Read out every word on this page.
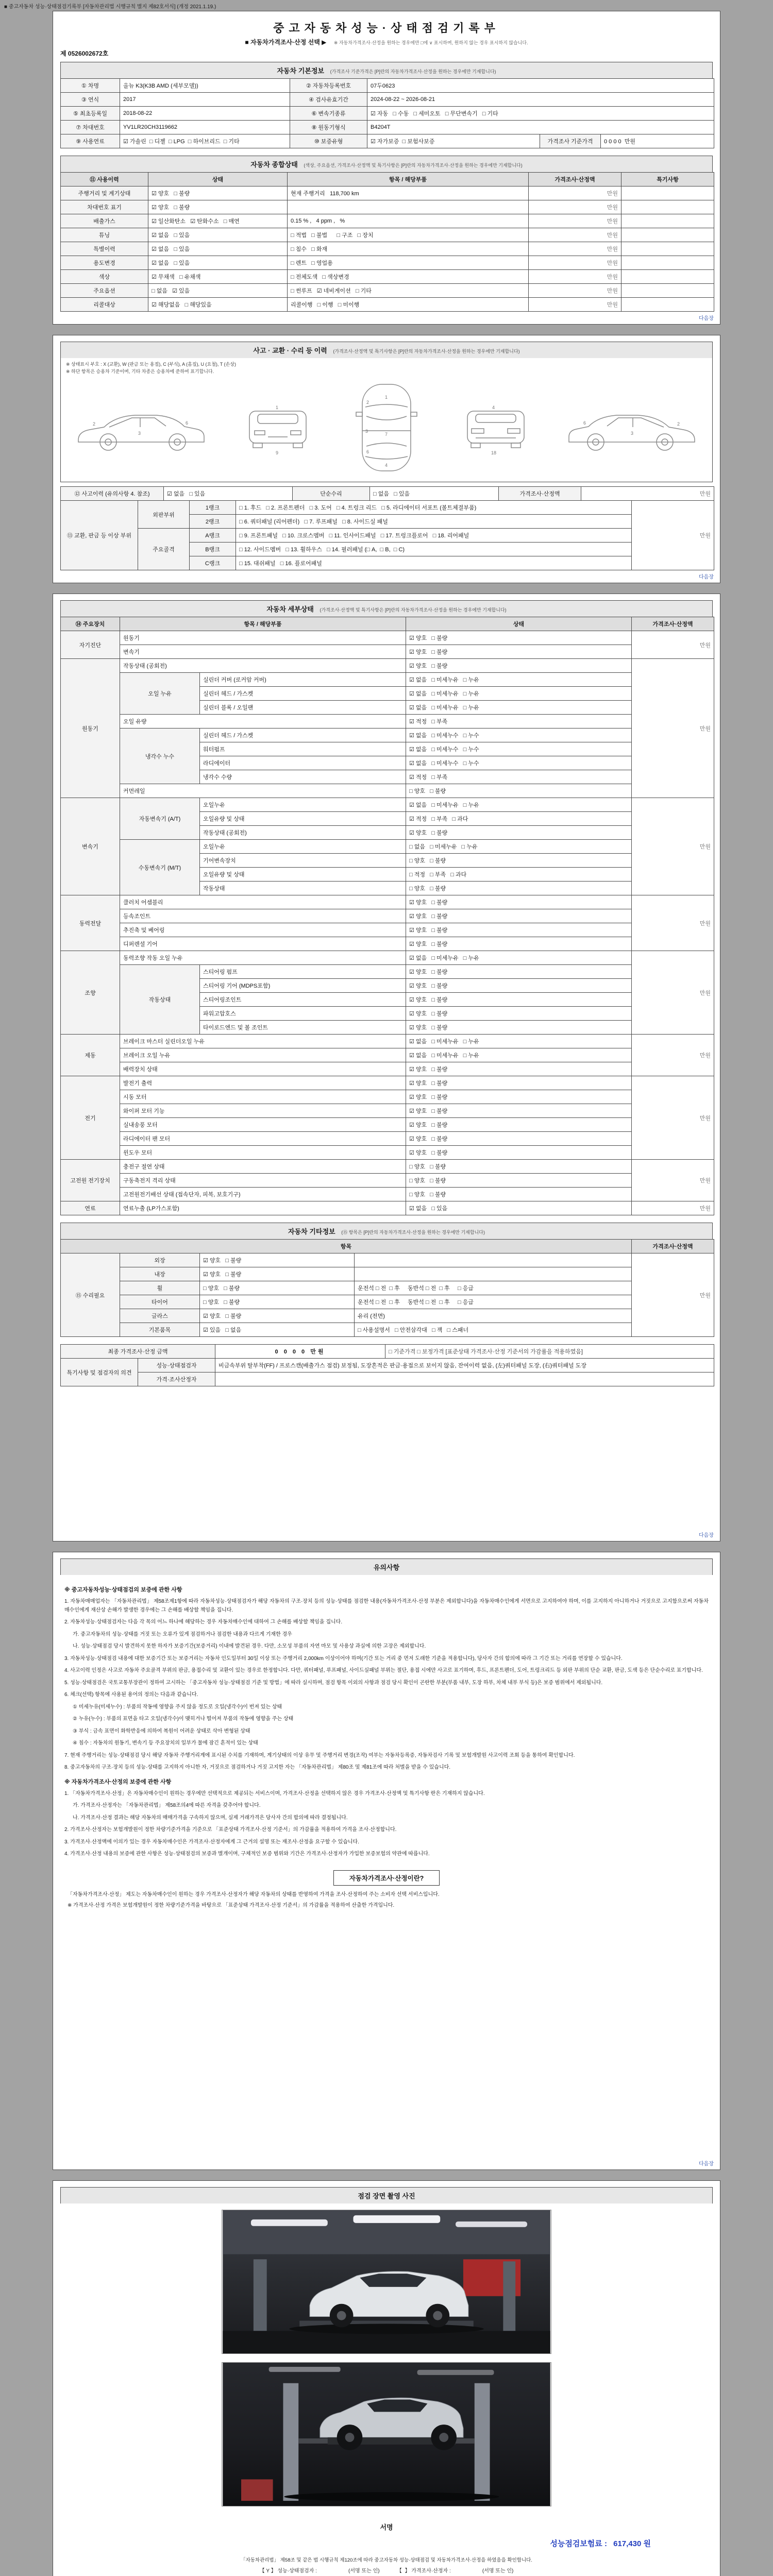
■ 중고자동차 성능·상태점검기록부 [자동차관리법 시행규칙 별지 제82호서식] (개정 2021.1.19.)
중고자동차성능·상태점검기록부
■ 자동차가격조사·산정 선택 ▶ ※ 자동차가격조사·산정을 원하는 경우에만 □에 ∨ 표시하며, 원하지 않는 경우 표시하지 않습니다.
제 0526002672호
자동차 기본정보 (가격조사 기준가격은 [P]란의 자동차가격조사·산정을 원하는 경우에만 기재합니다)
① 차명	올뉴 K3(K3B AMD (세부모델))	② 자동차등록번호	07두0623		
③ 연식	2017	④ 검사유효기간	2024-08-22 ~ 2026-08-21		
⑤ 최초등록일	2018-08-22	⑥ 변속기종류	☑ 자동   □ 수동   □ 세미오토   □ 무단변속기   □ 기타		
⑦ 차대번호	YV1LR20CH3119662	⑧ 원동기형식	B4204T		
⑨ 사용연료	☑ 가솔린  □ 디젤  □ LPG  □ 하이브리드  □ 기타	⑩ 보증유형	☑ 자가보증  □ 보험사보증	가격조사 기준가격	0 0 0 0  만원
자동차 종합상태 (색상, 주요옵션, 가격조사·산정액 및 특기사항은 [P]란의 자동차가격조사·산정을 원하는 경우에만 기재합니다)
⑪ 사용이력	상태	항목 / 해당부품	가격조사·산정액	특기사항
주행거리 및 계기상태	☑ 양호   □ 불량	현재 주행거리   118,700 km	만원	
차대번호 표기	☑ 양호   □ 불량		만원	
배출가스	☑ 일산화탄소   ☑ 탄화수소   □ 매연	0.15 % ,   4 ppm ,   %	만원	
튜닝	☑ 없음   □ 있음	□ 적법   □ 불법      □ 구조   □ 장치	만원	
특별이력	☑ 없음   □ 있음	□ 침수   □ 화재	만원	
용도변경	☑ 없음   □ 있음	□ 렌트   □ 영업용	만원	
색상	☑ 무채색   □ 유채색	□ 전체도색   □ 색상변경	만원	
주요옵션	□ 없음   ☑ 있음	□ 썬루프   ☑ 네비게이션   □ 기타	만원	
리콜대상	☑ 해당없음   □ 해당있음	리콜이행   □ 이행   □ 미이행	만원	
다음장
사고 · 교환 · 수리 등 이력 (가격조사·산정액 및 특기사항은 [P]란의 자동차가격조사·산정을 원하는 경우에만 기재합니다)
※ 상태표시 부호 : X (교환), W (판금 또는 용접), C (부식), A (흠집), U (요철), T (손상)
※ 하단 항목은 승용차 기준이며, 기타 차종은 승용차에 준하여 표기합니다.
3
2	6
1
9
1
2
3
7
6
4
4
18
3
2
6
⑫ 사고이력 (유의사항 4. 참조)	☑ 없음   □ 있음	단순수리	□ 없음   □ 있음	가격조사·산정액	만원
⑬ 교환, 판금 등 이상 부위	외판부위	1랭크	□ 1. 후드   □ 2. 프론트펜더   □ 3. 도어   □ 4. 트렁크 리드   □ 5. 라디에이터 서포트 (볼트체결부품)	만원
		2랭크	□ 6. 쿼터패널 (리어펜더)   □ 7. 루프패널   □ 8. 사이드실 패널	
	주요골격	A랭크	□ 9. 프론트패널   □ 10. 크로스멤버   □ 11. 인사이드패널   □ 17. 트렁크플로어   □ 18. 리어패널	
		B랭크	□ 12. 사이드멤버   □ 13. 휠하우스   □ 14. 필러패널 (□ A,  □ B,  □ C)	
		C랭크	□ 15. 대쉬패널   □ 16. 플로어패널	
다음장
자동차 세부상태 (가격조사·산정액 및 특기사항은 [P]란의 자동차가격조사·산정을 원하는 경우에만 기재합니다)
⑭ 주요장치	항목 / 해당부품		상태	가격조사·산정액
자기진단	원동기		☑ 양호   □ 불량	만원
	변속기		☑ 양호   □ 불량	
원동기	작동상태 (공회전)		☑ 양호   □ 불량	만원
	오일 누유	실린더 커버 (로커암 커버)	☑ 없음   □ 미세누유   □ 누유	
		실린더 헤드 / 가스켓	☑ 없음   □ 미세누유   □ 누유	
		실린더 블록 / 오일팬	☑ 없음   □ 미세누유   □ 누유	
	오일 유량		☑ 적정   □ 부족	
	냉각수 누수	실린더 헤드 / 가스켓	☑ 없음   □ 미세누수   □ 누수	
		워터펌프	☑ 없음   □ 미세누수   □ 누수	
		라디에이터	☑ 없음   □ 미세누수   □ 누수	
		냉각수 수량	☑ 적정   □ 부족	
	커먼레일		□ 양호   □ 불량	
변속기	자동변속기 (A/T)	오일누유	☑ 없음   □ 미세누유   □ 누유	만원
		오일유량 및 상태	☑ 적정   □ 부족   □ 과다	
		작동상태 (공회전)	☑ 양호   □ 불량	
	수동변속기 (M/T)	오일누유	□ 없음   □ 미세누유   □ 누유	
		기어변속장치	□ 양호   □ 불량	
		오일유량 및 상태	□ 적정   □ 부족   □ 과다	
		작동상태	□ 양호   □ 불량	
동력전달	클러치 어셈블리		☑ 양호   □ 불량	만원
	등속조인트		☑ 양호   □ 불량	
	추진축 및 베어링		☑ 양호   □ 불량	
	디퍼렌셜 기어		☑ 양호   □ 불량	
조향	동력조향 작동 오일 누유		☑ 없음   □ 미세누유   □ 누유	만원
	작동상태	스티어링 펌프	☑ 양호   □ 불량	
		스티어링 기어 (MDPS포함)	☑ 양호   □ 불량	
		스티어링조인트	☑ 양호   □ 불량	
		파워고압호스	☑ 양호   □ 불량	
		타이로드엔드 및 볼 조인트	☑ 양호   □ 불량	
제동	브레이크 마스터 실린더오일 누유		☑ 없음   □ 미세누유   □ 누유	만원
	브레이크 오일 누유		☑ 없음   □ 미세누유   □ 누유	
	배력장치 상태		☑ 양호   □ 불량	
전기	발전기 출력		☑ 양호   □ 불량	만원
	시동 모터		☑ 양호   □ 불량	
	와이퍼 모터 기능		☑ 양호   □ 불량	
	실내송풍 모터		☑ 양호   □ 불량	
	라디에이터 팬 모터		☑ 양호   □ 불량	
	윈도우 모터		☑ 양호   □ 불량	
고전원 전기장치	충전구 절연 상태		□ 양호   □ 불량	만원
	구동축전지 격리 상태		□ 양호   □ 불량	
	고전원전기배선 상태 (접속단자, 피복, 보호기구)		□ 양호   □ 불량	
연료	연료누출 (LP가스포함)		☑ 없음   □ 있음	만원
자동차 기타정보 (⑮ 항목은 [P]란의 자동차가격조사·산정을 원하는 경우에만 기재합니다)
항목				가격조사·산정액
⑮ 수리필요	외장	☑ 양호   □ 불량		만원
	내장	☑ 양호   □ 불량		
	휠	□ 양호   □ 불량	운전석 □ 전  □ 후     동반석 □ 전  □ 후     □ 응급	
	타이어	□ 양호   □ 불량	운전석 □ 전  □ 후     동반석 □ 전  □ 후     □ 응급	
	글라스	☑ 양호   □ 불량	유리 (전면)	
	기본품목	☑ 있음   □ 없음	□ 사용설명서   □ 안전삼각대   □ 잭   □ 스패너	
최종 가격조사·산정 금액	0 0 0 0 만원	□ 기준가격 □ 보정가격 [표준상태 가격조사·산정 기준서의 가감률을 적용하였음]
특기사항 및 점검자의 의견	성능·상태점검자	비금속부위 탈부착(FF) / 프로스캔(배출가스 점검) 보정됨, 도장흔적은 판금·용접으로 보이지 않음, 잔여이력 없음, (左)쿼터패널 도장, (右)쿼터패널 도장
	가격·조사산정자	
다음장
유의사항
※ 중고자동차성능·상태점검의 보증에 관한 사항
1. 자동차매매업자는 「자동차관리법」 제58조제1항에 따라 자동차성능·상태점검자가 해당 자동차의 구조·장치 등의 성능·상태를 점검한 내용(자동차가격조사·산정 부분은 제외합니다)을 자동차매수인에게 서면으로 고지하여야 하며, 이를 고지하지 아니하거나 거짓으로 고지함으로써 자동차매수인에게 재산상 손해가 발생한 경우에는 그 손해를 배상할 책임을 집니다.
2. 자동차성능·상태점검자는 다음 각 목의 어느 하나에 해당하는 경우 자동차매수인에 대하여 그 손해를 배상할 책임을 집니다.
가. 중고자동차의 성능·상태를 거짓 또는 오류가 있게 점검하거나 점검한 내용과 다르게 기재한 경우
나. 성능·상태점검 당시 발견하지 못한 하자가 보증기간(보증거리) 이내에 발견된 경우. 다만, 소모성 부품의 자연 마모 및 사용상 과실에 의한 고장은 제외합니다.
3. 자동차성능·상태점검 내용에 대한 보증기간 또는 보증거리는 자동차 인도일부터 30일 이상 또는 주행거리 2,000km 이상이어야 하며(기간 또는 거리 중 먼저 도래한 기준을 적용합니다), 당사자 간의 합의에 따라 그 기간 또는 거리를 연장할 수 있습니다.
4. 사고이력 인정은 사고로 자동차 주요골격 부위의 판금, 용접수리 및 교환이 있는 경우로 한정합니다. 다만, 쿼터패널, 루프패널, 사이드실패널 부위는 절단, 용접 시에만 사고로 표기하며, 후드, 프론트펜더, 도어, 트렁크리드 등 외판 부위의 단순 교환, 판금, 도색 등은 단순수리로 표기합니다.
5. 성능·상태점검은 국토교통부장관이 정하여 고시하는 「중고자동차 성능·상태점검 기준 및 방법」에 따라 실시하며, 점검 항목 이외의 사항과 점검 당시 확인이 곤란한 부분(부품 내부, 도장 하부, 차체 내부 부식 등)은 보증 범위에서 제외됩니다.
6. 체크(선택) 항목에 사용된 용어의 정의는 다음과 같습니다.
① 미세누유(미세누수) : 부품의 작동에 영향을 주지 않을 정도로 오일(냉각수)이 번져 있는 상태
② 누유(누수) : 부품의 표면을 타고 오일(냉각수)이 맺히거나 떨어져 부품의 작동에 영향을 주는 상태
③ 부식 : 금속 표면이 화학반응에 의하여 복원이 어려운 상태로 삭아 변형된 상태
④ 침수 : 자동차의 원동기, 변속기 등 주요장치의 일부가 물에 잠긴 흔적이 있는 상태
7. 현재 주행거리는 성능·상태점검 당시 해당 자동차 주행거리계에 표시된 수치를 기재하며, 계기상태의 이상 유무 및 주행거리 변경(조작) 여부는 자동차등록증, 자동차검사 기록 및 보험개발원 사고이력 조회 등을 통하여 확인합니다.
8. 중고자동차의 구조·장치 등의 성능·상태를 고지하지 아니한 자, 거짓으로 점검하거나 거짓 고지한 자는 「자동차관리법」 제80조 및 제81조에 따라 처벌을 받을 수 있습니다.
※ 자동차가격조사·산정의 보증에 관한 사항
1. 「자동차가격조사·산정」은 자동차매수인이 원하는 경우에만 선택적으로 제공되는 서비스이며, 가격조사·산정을 선택하지 않은 경우 가격조사·산정액 및 특기사항 란은 기재하지 않습니다.
가. 가격조사·산정자는 「자동차관리법」 제58조의4에 따른 자격을 갖추어야 합니다.
나. 가격조사·산정 결과는 해당 자동차의 매매가격을 구속하지 않으며, 실제 거래가격은 당사자 간의 합의에 따라 결정됩니다.
2. 가격조사·산정자는 보험개발원이 정한 차량기준가격을 기준으로 「표준상태 가격조사·산정 기준서」의 가감률을 적용하여 가격을 조사·산정합니다.
3. 가격조사·산정액에 이의가 있는 경우 자동차매수인은 가격조사·산정자에게 그 근거의 설명 또는 재조사·산정을 요구할 수 있습니다.
4. 가격조사·산정 내용의 보증에 관한 사항은 성능·상태점검의 보증과 별개이며, 구체적인 보증 범위와 기간은 가격조사·산정자가 가입한 보증보험의 약관에 따릅니다.
자동차가격조사·산정이란?
「자동차가격조사·산정」 제도는 자동차매수인이 원하는 경우 가격조사·산정자가 해당 자동차의 상태를 반영하여 가격을 조사·산정하여 주는 소비자 선택 서비스입니다.
※ 가격조사·산정 가격은 보험개발원이 정한 차량기준가격을 바탕으로 「표준상태 가격조사·산정 기준서」의 가감률을 적용하여 산출한 가격입니다.
다음장
점검 장면 촬영 사진
서명
성능점검보험료 : 617,430 원
「자동차관리법」 제58조 및 같은 법 시행규칙 제120조에 따라 중고자동차 성능·상태점검 및 자동차가격조사·산정을 하였음을 확인합니다.
【 Y 】 성능·상태점검자 :                      (서명 또는 인)            【  】 가격조사·산정자 :                      (서명 또는 인)
